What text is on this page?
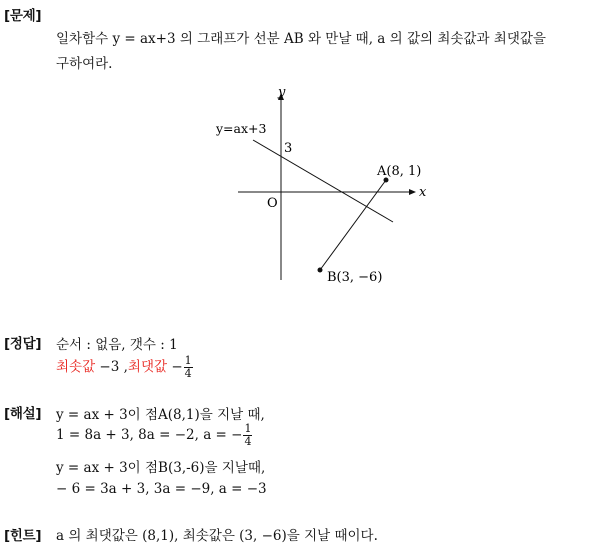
[문제]
일차함수 y = ax+3 의 그래프가 선분 AB 와 만날 때, a 의 값의 최솟값과 최댓값을
구하여라.
y
x
O
y=ax+3
3
A(8, 1)
B(3, −6)
[정답] 순서 : 없음, 갯수 : 1
최솟값 −3 ,최댓값 − $\frac{1}{4}$
[해설] y = ax + 3이 점A(8,1)을 지날 때,
1 = 8a + 3, 8a = −2, a = − $\frac{1}{4}$
y = ax + 3이 점B(3,-6)을 지날때,
− 6 = 3a + 3, 3a = −9, a = −3
[힌트] a 의 최댓값은 (8,1), 최솟값은 (3, −6)을 지날 때이다.
